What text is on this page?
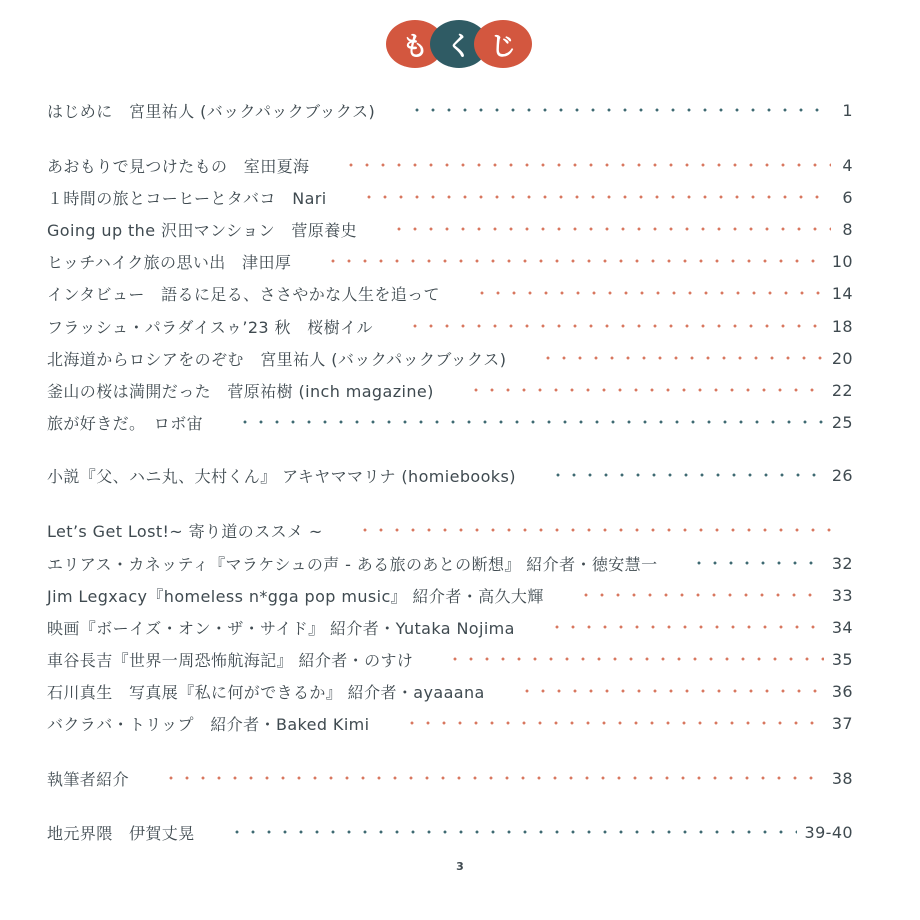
も く じ
はじめに　宮里祐人 (バックパックブックス)	1
あおもりで見つけたもの　室田夏海	4
１時間の旅とコーヒーとタバコ　Nari	6
Going up the 沢田マンション　菅原養史	8
ヒッチハイク旅の思い出　津田厚	10
インタビュー　語るに足る、ささやかな人生を追って	14
フラッシュ・パラダイスゥ’23 秋　桜樹イル	18
北海道からロシアをのぞむ　宮里祐人 (バックパックブックス)	20
釜山の桜は満開だった　菅原祐樹 (inch magazine)	22
旅が好きだ。　ロボ宙	25
小説『父、ハニ丸、大村くん』 アキヤママリナ (homiebooks)	26
Let’s Get Lost!~ 寄り道のススメ ~
エリアス・カネッティ『マラケシュの声 - ある旅のあとの断想』 紹介者・徳安慧一	32
Jim Legxacy『homeless n*gga pop music』 紹介者・高久大輝	33
映画『ボーイズ・オン・ザ・サイド』 紹介者・Yutaka Nojima	34
車谷長吉『世界一周恐怖航海記』 紹介者・のすけ	35
石川真生　写真展『私に何ができるか』 紹介者・ayaaana	36
バクラバ・トリップ　紹介者・Baked Kimi	37
執筆者紹介	38
地元界隈　伊賀丈晃	39-40
3
